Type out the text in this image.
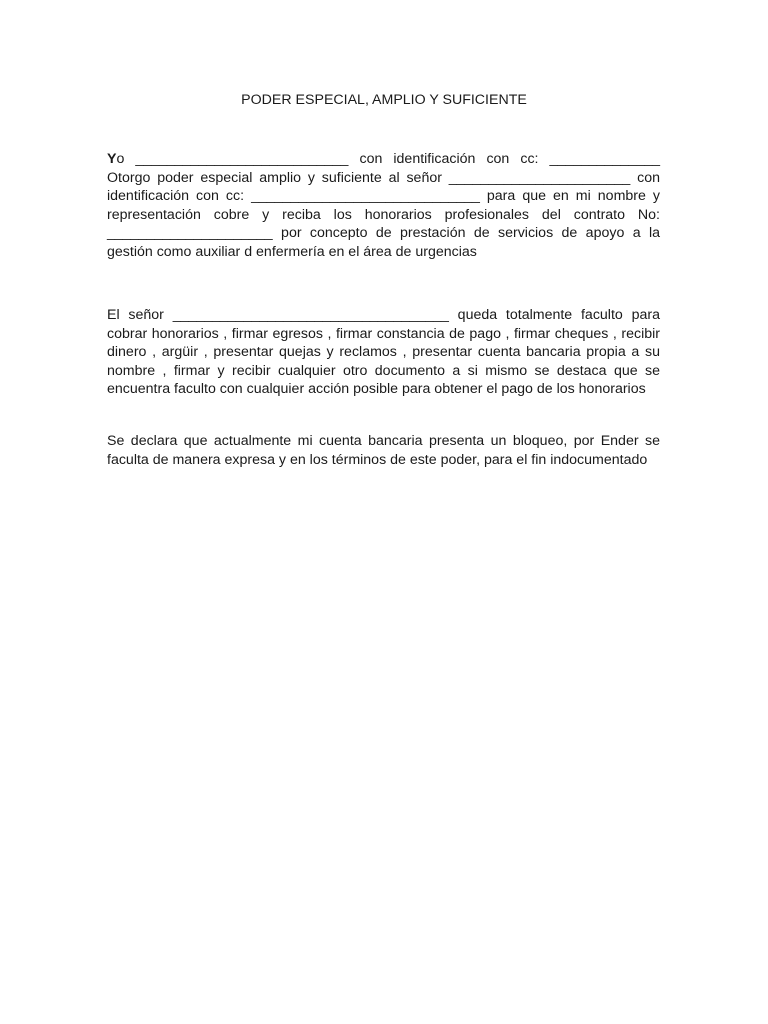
PODER ESPECIAL, AMPLIO Y SUFICIENTE

Yo ___________________________ con identificación con cc: ______________ Otorgo poder especial amplio y suficiente al señor _______________________ con identificación con cc: _____________________________ para que en mi nombre y representación cobre y reciba los honorarios profesionales del contrato No: _____________________ por concepto de prestación de servicios de apoyo a la gestión como auxiliar d enfermería en el área de urgencias

El señor ___________________________________ queda totalmente faculto para cobrar honorarios , firmar egresos , firmar constancia de pago , firmar cheques , recibir dinero , argüir , presentar quejas y reclamos , presentar cuenta bancaria propia a su nombre , firmar y recibir cualquier otro documento a si mismo se destaca que se encuentra faculto con cualquier acción posible para obtener el pago de los honorarios

Se declara que actualmente mi cuenta bancaria presenta un bloqueo, por Ender se faculta de manera expresa y en los términos de este poder, para el fin indocumentado
